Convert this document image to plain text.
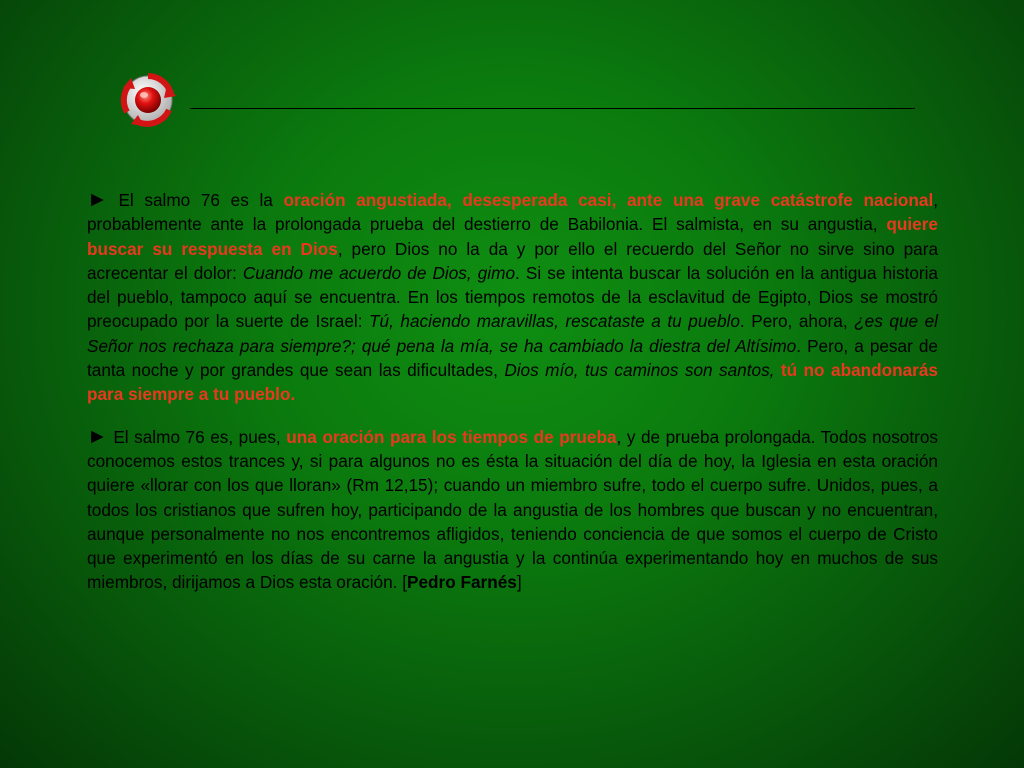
► El salmo 76 es la oración angustiada, desesperada casi, ante una grave catástrofe nacional, probablemente ante la prolongada prueba del destierro de Babilonia. El salmista, en su angustia, quiere buscar su respuesta en Dios, pero Dios no la da y por ello el recuerdo del Señor no sirve sino para acrecentar el dolor: Cuando me acuerdo de Dios, gimo. Si se intenta buscar la solución en la antigua historia del pueblo, tampoco aquí se encuentra. En los tiempos remotos de la esclavitud de Egipto, Dios se mostró preocupado por la suerte de Israel: Tú, haciendo maravillas, rescataste a tu pueblo. Pero, ahora, ¿es que el Señor nos rechaza para siempre?; qué pena la mía, se ha cambiado la diestra del Altísimo. Pero, a pesar de tanta noche y por grandes que sean las dificultades, Dios mío, tus caminos son santos, tú no abandonarás para siempre a tu pueblo.

► El salmo 76 es, pues, una oración para los tiempos de prueba, y de prueba prolongada. Todos nosotros conocemos estos trances y, si para algunos no es ésta la situación del día de hoy, la Iglesia en esta oración quiere «llorar con los que lloran» (Rm 12,15); cuando un miembro sufre, todo el cuerpo sufre. Unidos, pues, a todos los cristianos que sufren hoy, participando de la angustia de los hombres que buscan y no encuentran, aunque personalmente no nos encontremos afligidos, teniendo conciencia de que somos el cuerpo de Cristo que experimentó en los días de su carne la angustia y la continúa experimentando hoy en muchos de sus miembros, dirijamos a Dios esta oración. [Pedro Farnés]
